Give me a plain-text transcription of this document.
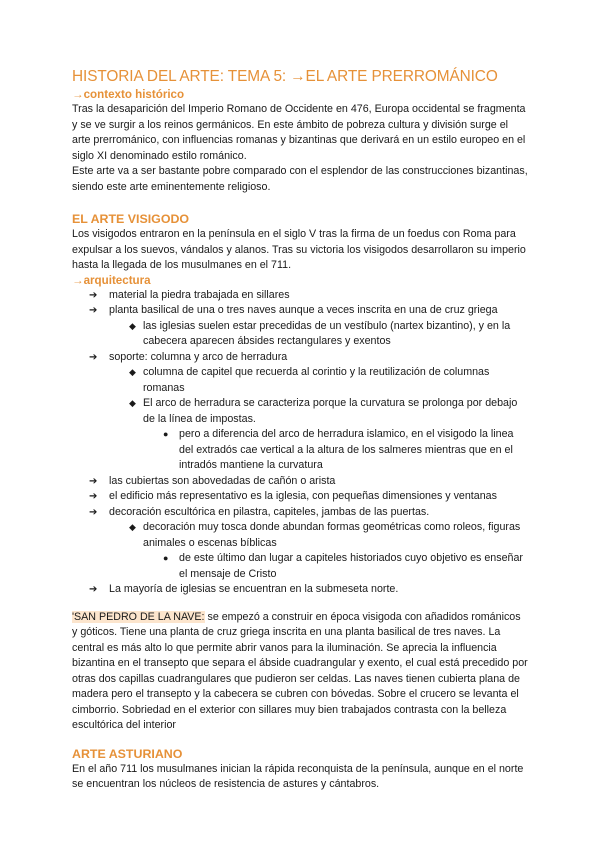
HISTORIA DEL ARTE: TEMA 5: →EL ARTE PRERROMÁNICO

→contexto histórico

Tras la desaparición del Imperio Romano de Occidente en 476, Europa occidental se fragmenta y se ve surgir a los reinos germánicos. En este ámbito de pobreza cultura y división surge el arte prerrománico, con influencias romanas y bizantinas que derivará en un estilo europeo en el siglo XI denominado estilo románico.

Este arte va a ser bastante pobre comparado con el esplendor de las construcciones bizantinas, siendo este arte eminentemente religioso.

EL ARTE VISIGODO

Los visigodos entraron en la península en el siglo V tras la firma de un foedus con Roma para expulsar a los suevos, vándalos y alanos. Tras su victoria los visigodos desarrollaron su imperio hasta la llegada de los musulmanes en el 711.

→arquitectura

➔ material la piedra trabajada en sillares
➔ planta basilical de una o tres naves aunque a veces inscrita en una de cruz griega
◆ las iglesias suelen estar precedidas de un vestíbulo (nartex bizantino), y en la cabecera aparecen ábsides rectangulares y exentos
➔ soporte: columna y arco de herradura
◆ columna de capitel que recuerda al corintio y la reutilización de columnas romanas
◆ El arco de herradura se caracteriza porque la curvatura se prolonga por debajo de la línea de impostas.
● pero a diferencia del arco de herradura islamico, en el visigodo la linea del extradós cae vertical a la altura de los salmeres mientras que en el intradós mantiene la curvatura
➔ las cubiertas son abovedadas de cañón o arista
➔ el edificio más representativo es la iglesia, con pequeñas dimensiones y ventanas
➔ decoración escultórica en pilastra, capiteles, jambas de las puertas.
◆ decoración muy tosca donde abundan formas geométricas como roleos, figuras animales o escenas bíblicas
● de este último dan lugar a capiteles historiados cuyo objetivo es enseñar el mensaje de Cristo
➔ La mayoría de iglesias se encuentran en la submeseta norte.

'SAN PEDRO DE LA NAVE: se empezó a construir en época visigoda con añadidos románicos y góticos. Tiene una planta de cruz griega inscrita en una planta basilical de tres naves. La central es más alto lo que permite abrir vanos para la iluminación. Se aprecia la influencia bizantina en el transepto que separa el ábside cuadrangular y exento, el cual está precedido por otras dos capillas cuadrangulares que pudieron ser celdas. Las naves tienen cubierta plana de madera pero el transepto y la cabecera se cubren con bóvedas. Sobre el crucero se levanta el cimborrio. Sobriedad en el exterior con sillares muy bien trabajados contrasta con la belleza escultórica del interior

ARTE ASTURIANO

En el año 711 los musulmanes inician la rápida reconquista de la península, aunque en el norte se encuentran los núcleos de resistencia de astures y cántabros.
